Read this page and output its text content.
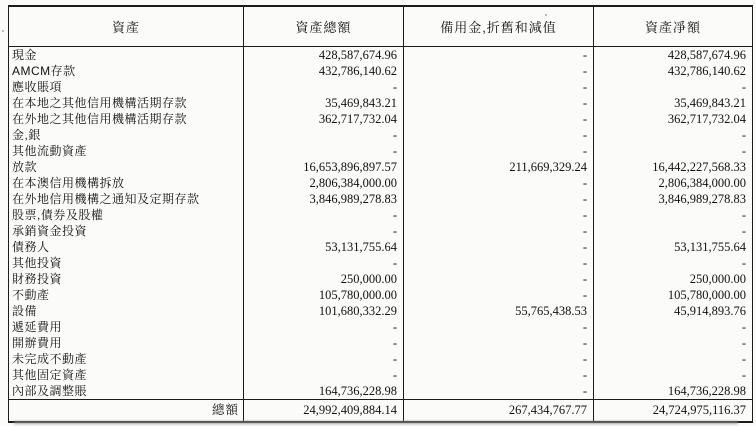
資產	資產總額	備用金,折舊和減值	資產凈額
現金	428,587,674.96	-	428,587,674.96
AMCM存款	432,786,140.62	-	432,786,140.62
應收賬項	-	-	-
在本地之其他信用機構活期存款	35,469,843.21	-	35,469,843.21
在外地之其他信用機構活期存款	362,717,732.04	-	362,717,732.04
金,銀	-	-	-
其他流動資產	-	-	-
放款	16,653,896,897.57	211,669,329.24	16,442,227,568.33
在本澳信用機構拆放	2,806,384,000.00	-	2,806,384,000.00
在外地信用機構之通知及定期存款	3,846,989,278.83	-	3,846,989,278.83
股票,債券及股權	-	-	-
承銷資金投資	-	-	-
債務人	53,131,755.64	-	53,131,755.64
其他投資	-	-	-
財務投資	250,000.00	-	250,000.00
不動產	105,780,000.00	-	105,780,000.00
設備	101,680,332.29	55,765,438.53	45,914,893.76
遞延費用	-	-	-
開辦費用	-	-	-
未完成不動產	-	-	-
其他固定資產	-	-	-
內部及調整賬	164,736,228.98	-	164,736,228.98
總額	24,992,409,884.14	267,434,767.77	24,724,975,116.37
